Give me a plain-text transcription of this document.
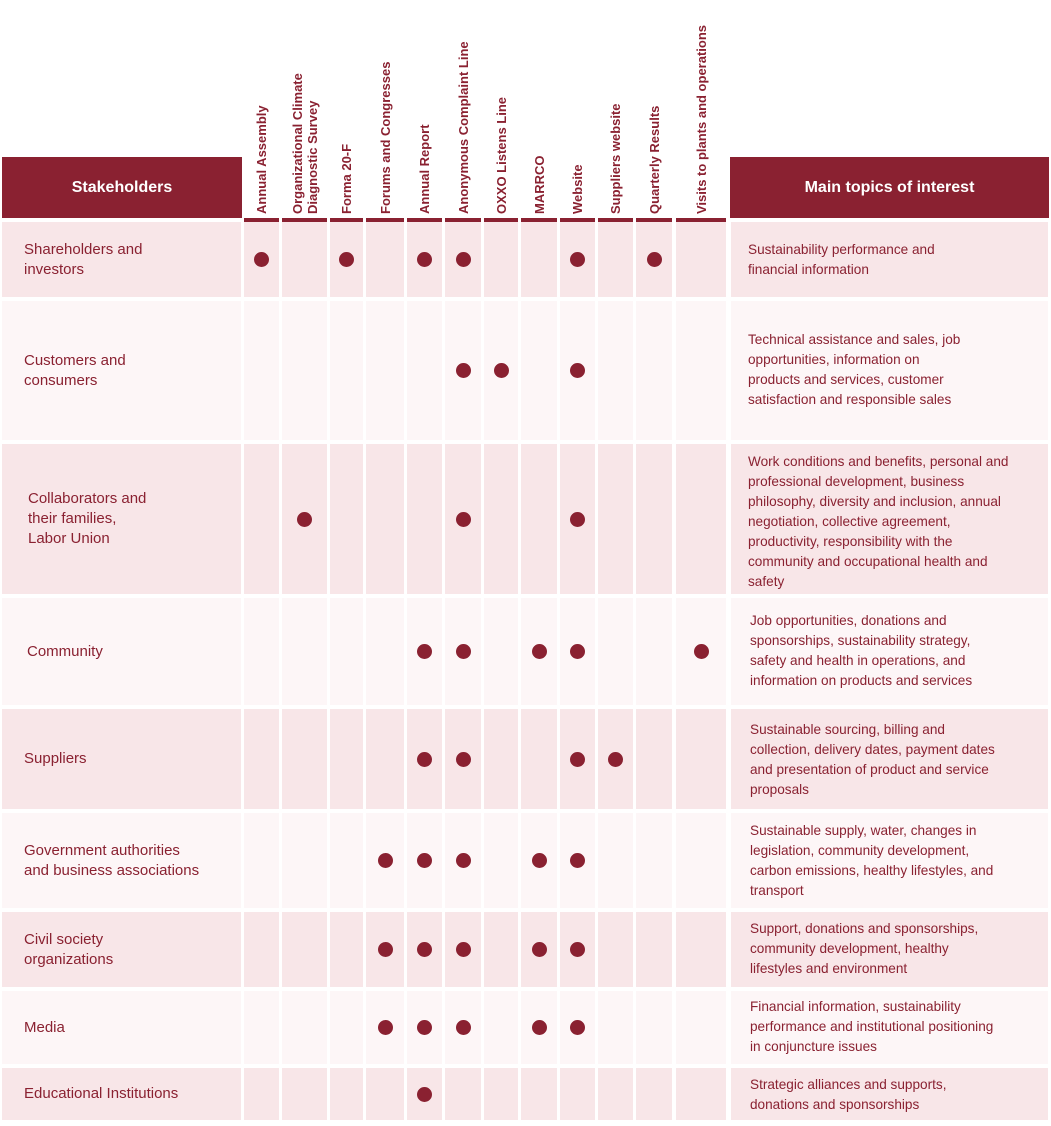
Stakeholders	Main topics of interest
Annual Assembly Organizational Climate Diagnostic Survey Forma 20-F Forums and Congresses Annual Report Anonymous Complaint Line OXXO Listens Line MARRCO Website Suppliers website Quarterly Results Visits to plants and operations
Shareholders and
investors
Sustainability performance and
financial information
Customers and
consumers
Technical assistance and sales, job
opportunities, information on
products and services, customer
satisfaction and responsible sales
Collaborators and
their families,
Labor Union
Work conditions and benefits, personal and
professional development, business
philosophy, diversity and inclusion, annual
negotiation, collective agreement,
productivity, responsibility with the
community and occupational health and
safety
Community
Job opportunities, donations and
sponsorships, sustainability strategy,
safety and health in operations, and
information on products and services
Suppliers
Sustainable sourcing, billing and
collection, delivery dates, payment dates
and presentation of product and service
proposals
Government authorities
and business associations
Sustainable supply, water, changes in
legislation, community development,
carbon emissions, healthy lifestyles, and
transport
Civil society
organizations
Support, donations and sponsorships,
community development, healthy
lifestyles and environment
Media
Financial information, sustainability
performance and institutional positioning
in conjuncture issues
Educational Institutions
Strategic alliances and supports,
donations and sponsorships
